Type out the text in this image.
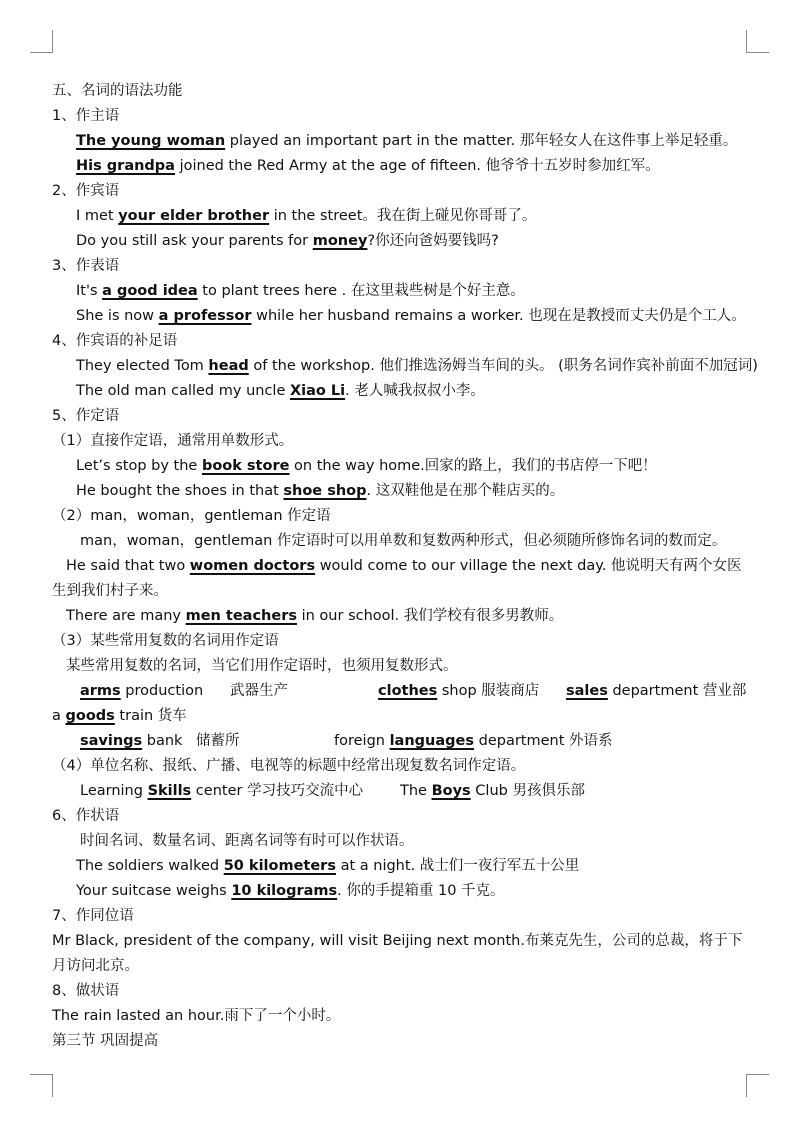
五、名词的语法功能
1、作主语
The young woman played an important part in the matter. 那年轻女人在这件事上举足轻重。
His grandpa joined the Red Army at the age of fifteen. 他爷爷十五岁时参加红军。
2、作宾语
I met your elder brother in the street。我在街上碰见你哥哥了。
Do you still ask your parents for money?你还向爸妈要钱吗?
3、作表语
It's a good idea to plant trees here . 在这里栽些树是个好主意。
She is now a professor while her husband remains a worker. 也现在是教授而丈夫仍是个工人。
4、作宾语的补足语
They elected Tom head of the workshop. 他们推选汤姆当车间的头。 (职务名词作宾补前面不加冠词)
The old man called my uncle Xiao Li. 老人喊我叔叔小李。
5、作定语
（1）直接作定语，通常用单数形式。
Let’s stop by the book store on the way home.回家的路上，我们的书店停一下吧！
He bought the shoes in that shoe shop. 这双鞋他是在那个鞋店买的。
（2）man，woman，gentleman 作定语
man，woman，gentleman 作定语时可以用单数和复数两种形式，但必须随所修饰名词的数而定。
He said that two women doctors would come to our village the next day. 他说明天有两个女医生到我们村子来。
There are many men teachers in our school. 我们学校有很多男教师。
（3）某些常用复数的名词用作定语
某些常用复数的名词，当它们用作定语时，也须用复数形式。
arms production 武器生产	clothes shop 服装商店 sales department 营业部
a goods train 货车
savings bank 储蓄所	foreign languages department 外语系
（4）单位名称、报纸、广播、电视等的标题中经常出现复数名词作定语。
Learning Skills center 学习技巧交流中心	The Boys Club 男孩俱乐部
6、作状语
时间名词、数量名词、距离名词等有时可以作状语。
The soldiers walked 50 kilometers at a night. 战士们一夜行军五十公里
Your suitcase weighs 10 kilograms. 你的手提箱重 10 千克。
7、作同位语
Mr Black, president of the company, will visit Beijing next month.布莱克先生，公司的总裁，将于下月访问北京。
8、做状语
The rain lasted an hour.雨下了一个小时。
第三节 巩固提高
